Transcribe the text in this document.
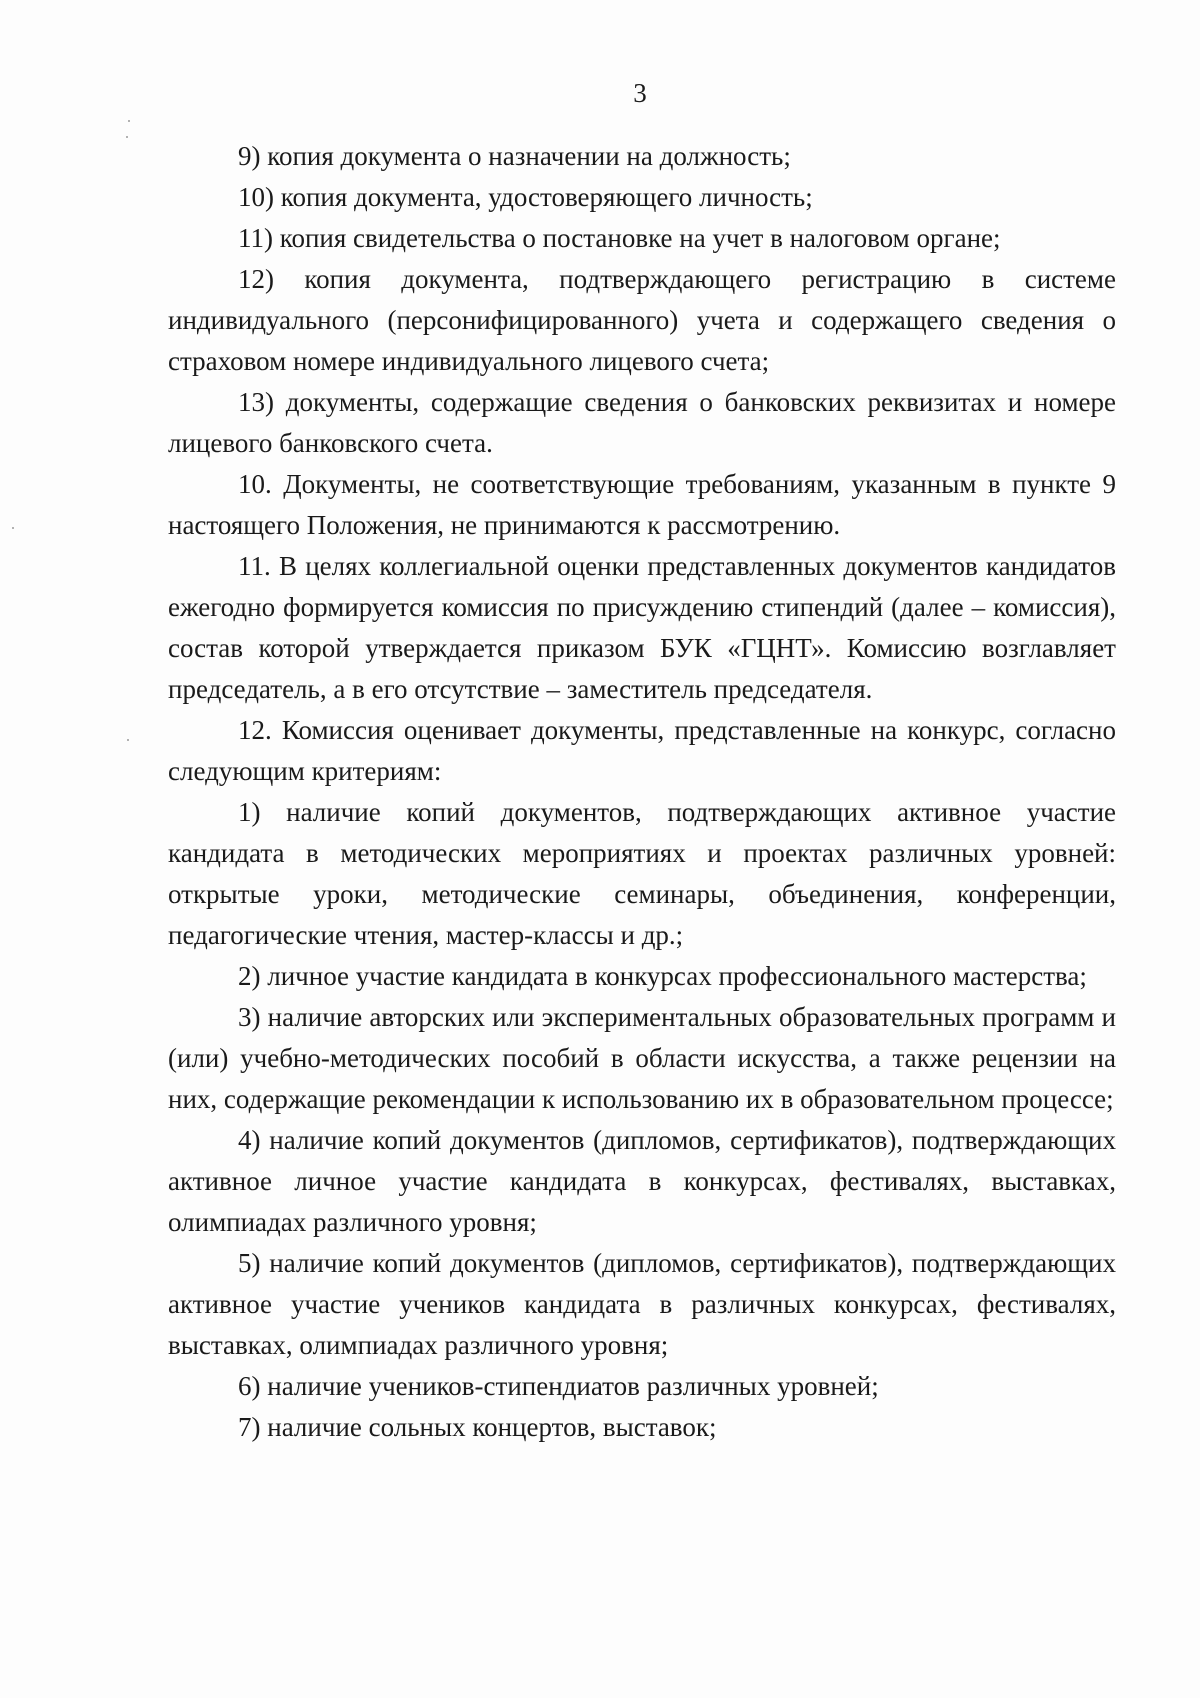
3

9) копия документа о назначении на должность;

10) копия документа, удостоверяющего личность;

11) копия свидетельства о постановке на учет в налоговом органе;

12) копия документа, подтверждающего регистрацию в системе индивидуального (персонифицированного) учета и содержащего сведения о страховом номере индивидуального лицевого счета;

13) документы, содержащие сведения о банковских реквизитах и номере лицевого банковского счета.

10. Документы, не соответствующие требованиям, указанным в пункте 9 настоящего Положения, не принимаются к рассмотрению.

11. В целях коллегиальной оценки представленных документов кандидатов ежегодно формируется комиссия по присуждению стипендий (далее – комиссия), состав которой утверждается приказом БУК «ГЦНТ». Комиссию возглавляет председатель, а в его отсутствие – заместитель председателя.

12. Комиссия оценивает документы, представленные на конкурс, согласно следующим критериям:

1) наличие копий документов, подтверждающих активное участие кандидата в методических мероприятиях и проектах различных уровней: открытые уроки, методические семинары, объединения, конференции, педагогические чтения, мастер-классы и др.;

2) личное участие кандидата в конкурсах профессионального мастерства;

3) наличие авторских или экспериментальных образовательных программ и (или) учебно-методических пособий в области искусства, а также рецензии на них, содержащие рекомендации к использованию их в образовательном процессе;

4) наличие копий документов (дипломов, сертификатов), подтверждающих активное личное участие кандидата в конкурсах, фестивалях, выставках, олимпиадах различного уровня;

5) наличие копий документов (дипломов, сертификатов), подтверждающих активное участие учеников кандидата в различных конкурсах, фестивалях, выставках, олимпиадах различного уровня;

6) наличие учеников-стипендиатов различных уровней;

7) наличие сольных концертов, выставок;
